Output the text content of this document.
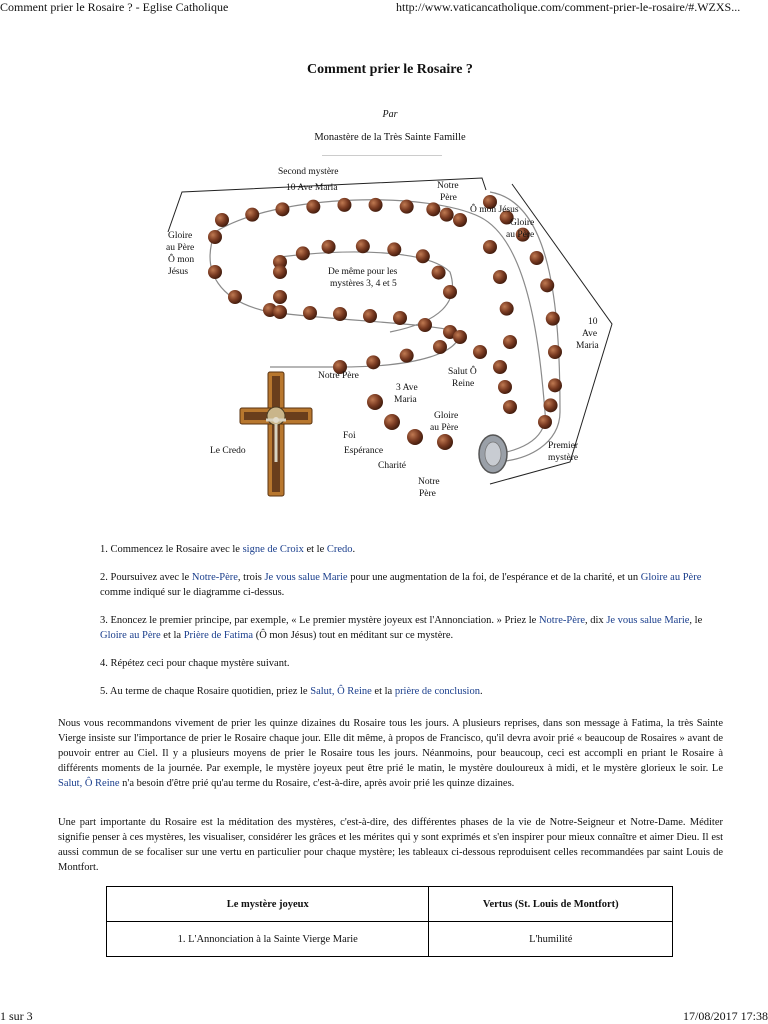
Comment prier le Rosaire ? - Eglise Catholique	http://www.vaticancatholique.com/comment-prier-le-rosaire/#.WZXS...
Comment prier le Rosaire ?
Par
Monastère de la Très Sainte Famille
Second mystère
10 Ave Maria	Notre
Père
Ô mon Jésus
Gloire
au Père
Gloire
au Père
Ô mon
Jésus	De même pour les
mystères 3, 4 et 5
10
Ave
Maria
Salut Ô
Reine
Notre Père
3 Ave
Maria
Gloire
au Père
Foi
Espérance
Charité
Le Credo	Premier
mystère
Notre
Père
1. Commencez le Rosaire avec le signe de Croix et le Credo.
2. Poursuivez avec le Notre-Père, trois Je vous salue Marie pour une augmentation de la foi, de l'espérance et de la charité, et un Gloire au Père comme indiqué sur le diagramme ci-dessus.
3. Enoncez le premier principe, par exemple, « Le premier mystère joyeux est l'Annonciation. » Priez le Notre-Père, dix Je vous salue Marie, le Gloire au Père et la Prière de Fatima (Ô mon Jésus) tout en méditant sur ce mystère.
4. Répétez ceci pour chaque mystère suivant.
5. Au terme de chaque Rosaire quotidien, priez le Salut, Ô Reine et la prière de conclusion.

Nous vous recommandons vivement de prier les quinze dizaines du Rosaire tous les jours. A plusieurs reprises, dans son message à Fatima, la très Sainte Vierge insiste sur l'importance de prier le Rosaire chaque jour. Elle dit même, à propos de Francisco, qu'il devra avoir prié « beaucoup de Rosaires » avant de pouvoir entrer au Ciel. Il y a plusieurs moyens de prier le Rosaire tous les jours. Néanmoins, pour beaucoup, ceci est accompli en priant le Rosaire à différents moments de la journée. Par exemple, le mystère joyeux peut être prié le matin, le mystère douloureux à midi, et le mystère glorieux le soir. Le Salut, Ô Reine n'a besoin d'être prié qu'au terme du Rosaire, c'est-à-dire, après avoir prié les quinze dizaines.

Une part importante du Rosaire est la méditation des mystères, c'est-à-dire, des différentes phases de la vie de Notre-Seigneur et Notre-Dame. Méditer signifie penser à ces mystères, les visualiser, considérer les grâces et les mérites qui y sont exprimés et s'en inspirer pour mieux connaître et aimer Dieu. Il est aussi commun de se focaliser sur une vertu en particulier pour chaque mystère; les tableaux ci-dessous reproduisent celles recommandées par saint Louis de Montfort.

Le mystère joyeux	Vertus (St. Louis de Montfort)
1. L'Annonciation à la Sainte Vierge Marie	L'humilité
1 sur 3	17/08/2017 17:38
